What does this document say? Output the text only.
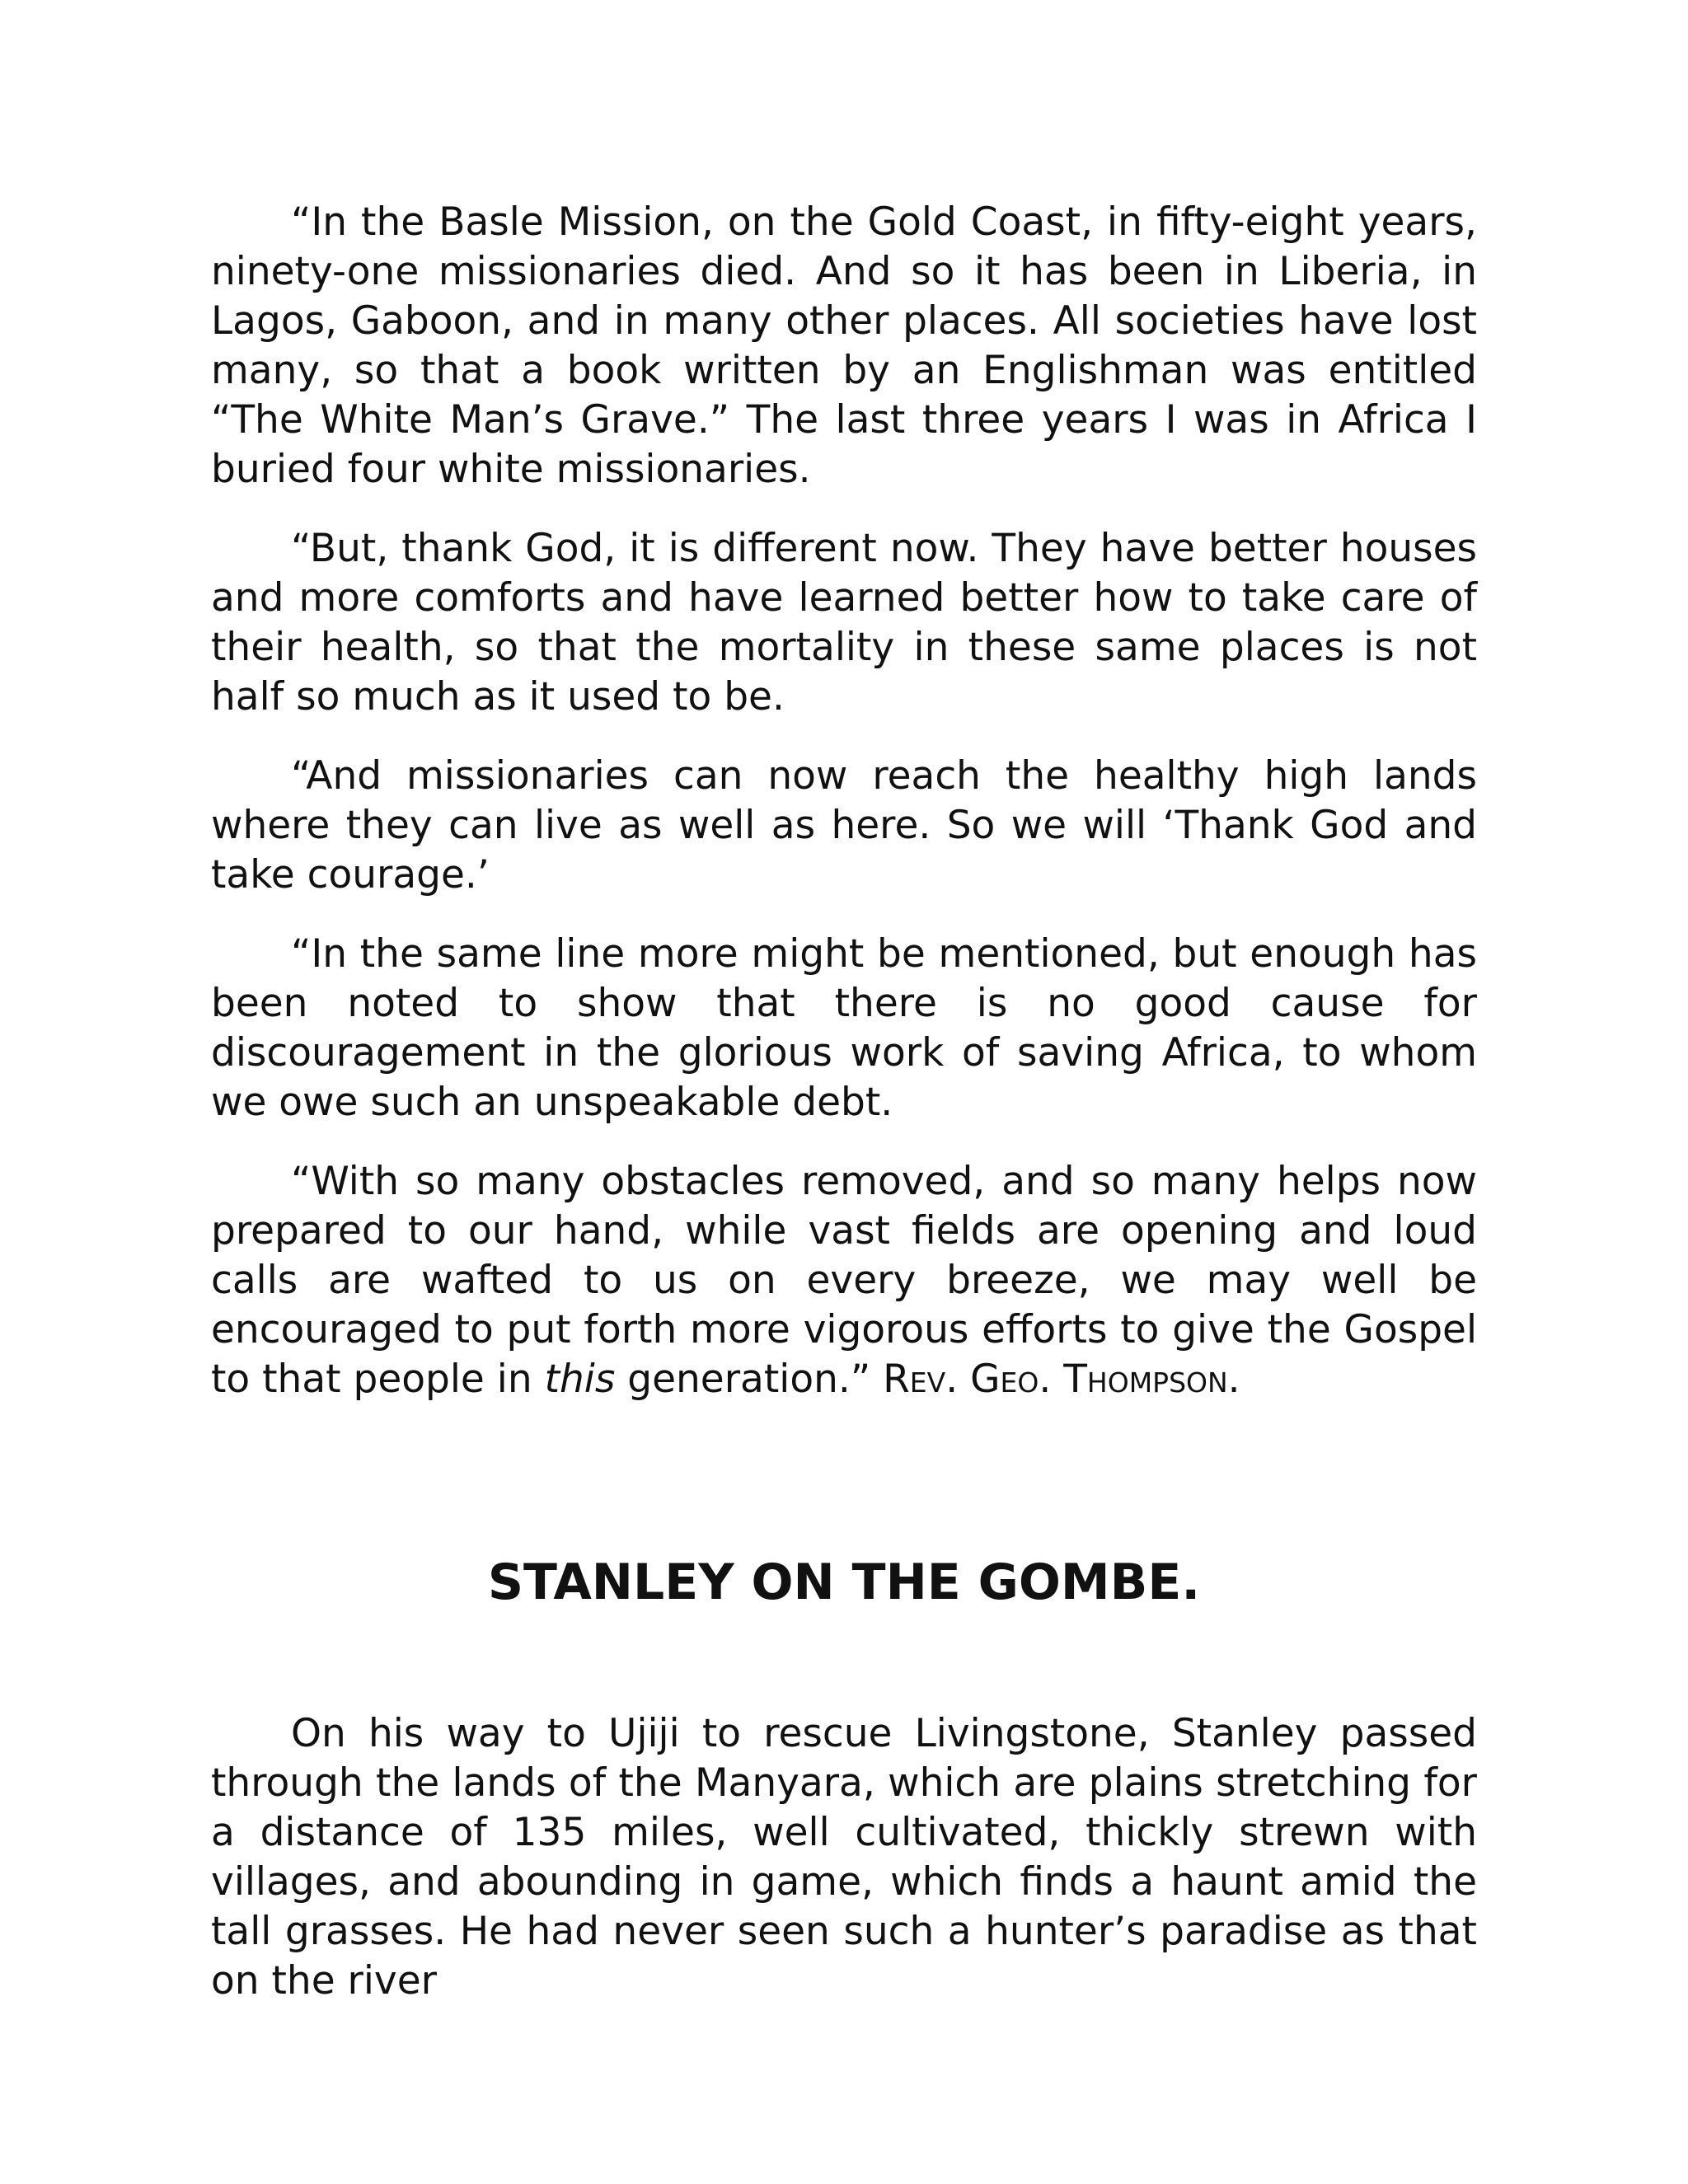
“In the Basle Mission, on the Gold Coast, in fifty-eight years, ninety-one missionaries died. And so it has been in Liberia, in Lagos, Gaboon, and in many other places. All societies have lost many, so that a book written by an Englishman was entitled “The White Man’s Grave.” The last three years I was in Africa I buried four white missionaries.

“But, thank God, it is different now. They have better houses and more comforts and have learned better how to take care of their health, so that the mortality in these same places is not half so much as it used to be.

“And missionaries can now reach the healthy high lands where they can live as well as here. So we will ‘Thank God and take courage.’

“In the same line more might be mentioned, but enough has been noted to show that there is no good cause for discouragement in the glorious work of saving Africa, to whom we owe such an unspeakable debt.

“With so many obstacles removed, and so many helps now prepared to our hand, while vast fields are opening and loud calls are wafted to us on every breeze, we may well be encouraged to put forth more vigorous efforts to give the Gospel to that people in this generation.” Rev. Geo. Thompson.

STANLEY ON THE GOMBE.

On his way to Ujiji to rescue Livingstone, Stanley passed through the lands of the Manyara, which are plains stretching for a distance of 135 miles, well cultivated, thickly strewn with villages, and abounding in game, which finds a haunt amid the tall grasses. He had never seen such a hunter’s paradise as that on the river
